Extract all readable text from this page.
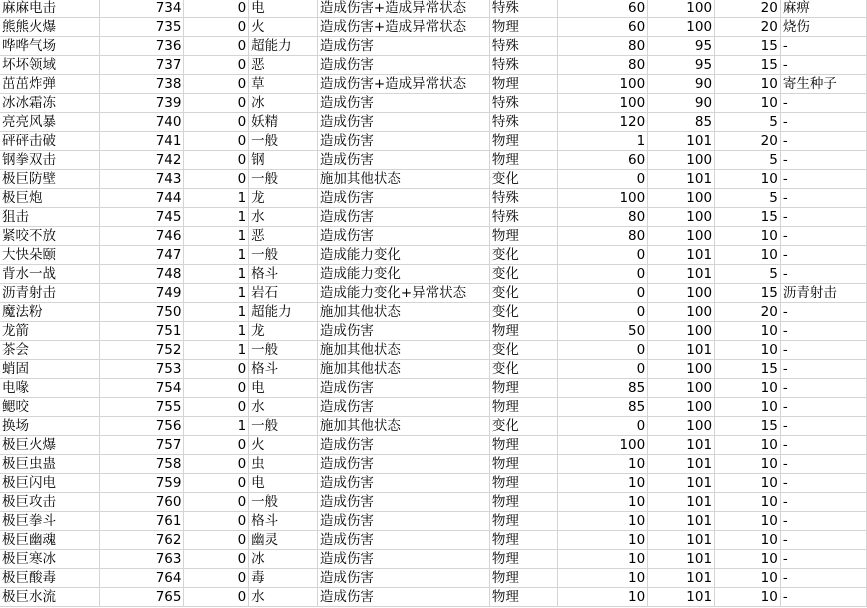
麻麻电击	734	0	电	造成伤害+造成异常状态	特殊	60	100	20	麻痹
熊熊火爆	735	0	火	造成伤害+造成异常状态	物理	60	100	20	烧伤
哗哗气场	736	0	超能力	造成伤害	特殊	80	95	15	-
坏坏领域	737	0	恶	造成伤害	特殊	80	95	15	-
茁茁炸弹	738	0	草	造成伤害+造成异常状态	物理	100	90	10	寄生种子
冰冰霜冻	739	0	冰	造成伤害	特殊	100	90	10	-
亮亮风暴	740	0	妖精	造成伤害	特殊	120	85	5	-
砰砰击破	741	0	一般	造成伤害	物理	1	101	20	-
钢拳双击	742	0	钢	造成伤害	物理	60	100	5	-
极巨防壁	743	0	一般	施加其他状态	变化	0	101	10	-
极巨炮	744	1	龙	造成伤害	特殊	100	100	5	-
狙击	745	1	水	造成伤害	特殊	80	100	15	-
紧咬不放	746	1	恶	造成伤害	物理	80	100	10	-
大快朵颐	747	1	一般	造成能力变化	变化	0	101	10	-
背水一战	748	1	格斗	造成能力变化	变化	0	101	5	-
沥青射击	749	1	岩石	造成能力变化+异常状态	变化	0	100	15	沥青射击
魔法粉	750	1	超能力	施加其他状态	变化	0	100	20	-
龙箭	751	1	龙	造成伤害	物理	50	100	10	-
茶会	752	1	一般	施加其他状态	变化	0	101	10	-
蛸固	753	0	格斗	施加其他状态	变化	0	100	15	-
电喙	754	0	电	造成伤害	物理	85	100	10	-
鳃咬	755	0	水	造成伤害	物理	85	100	10	-
换场	756	1	一般	施加其他状态	变化	0	100	15	-
极巨火爆	757	0	火	造成伤害	物理	100	101	10	-
极巨虫蛊	758	0	虫	造成伤害	物理	10	101	10	-
极巨闪电	759	0	电	造成伤害	物理	10	101	10	-
极巨攻击	760	0	一般	造成伤害	物理	10	101	10	-
极巨拳斗	761	0	格斗	造成伤害	物理	10	101	10	-
极巨幽魂	762	0	幽灵	造成伤害	物理	10	101	10	-
极巨寒冰	763	0	冰	造成伤害	物理	10	101	10	-
极巨酸毒	764	0	毒	造成伤害	物理	10	101	10	-
极巨水流	765	0	水	造成伤害	物理	10	101	10	-
